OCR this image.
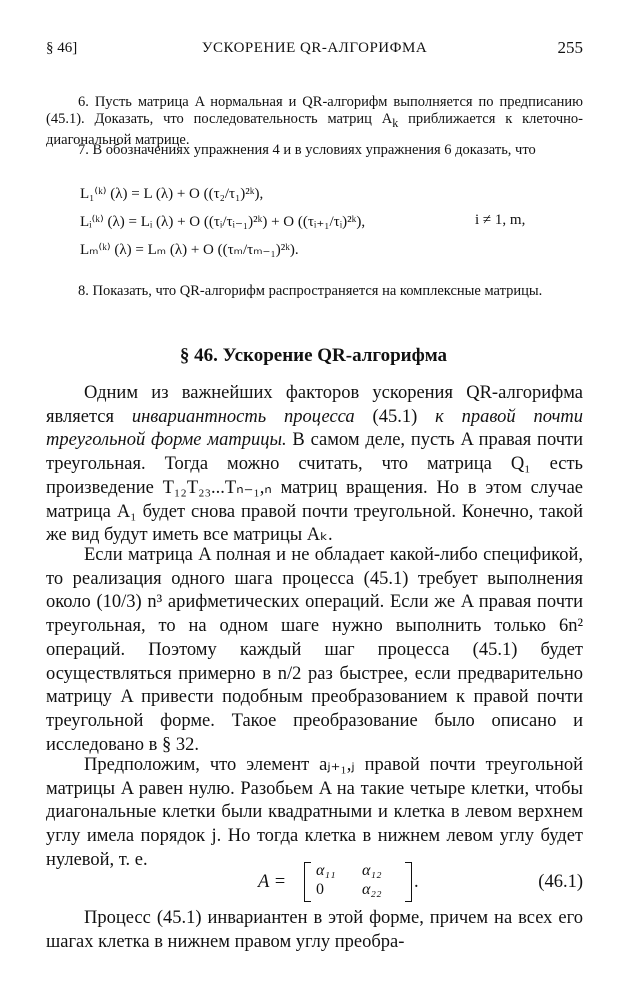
§ 46]	УСКОРЕНИЕ QR-АЛГОРИФМА	255
6. Пусть матрица A нормальная и QR-алгорифм выполняется по предписанию (45.1). Доказать, что последовательность матриц $A_k$ приближается к клеточно-диагональной матрице.
7. В обозначениях упражнения 4 и в условиях упражнения 6 доказать, что
L₁⁽ᵏ⁾ (λ) = L (λ) + O ((τ₂/τ₁)²ᵏ),
Lᵢ⁽ᵏ⁾ (λ) = Lᵢ (λ) + O ((τᵢ/τᵢ₋₁)²ᵏ) + O ((τᵢ₊₁/τᵢ)²ᵏ),	i ≠ 1, m,
Lₘ⁽ᵏ⁾ (λ) = Lₘ (λ) + O ((τₘ/τₘ₋₁)²ᵏ).
8. Показать, что QR-алгорифм распространяется на комплексные матрицы.
§ 46. Ускорение QR-алгорифма
Одним из важнейших факторов ускорения QR-алгорифма является инвариантность процесса (45.1) к правой почти треугольной форме матрицы. В самом деле, пусть A правая почти треугольная. Тогда можно считать, что матрица Q₁ есть произведение T₁₂T₂₃...Tₙ₋₁,ₙ матриц вращения. Но в этом случае матрица A₁ будет снова правой почти треугольной. Конечно, такой же вид будут иметь все матрицы Aₖ.
Если матрица A полная и не обладает какой-либо спецификой, то реализация одного шага процесса (45.1) требует выполнения около (10/3) n³ арифметических операций. Если же A правая почти треугольная, то на одном шаге нужно выполнить только 6n² операций. Поэтому каждый шаг процесса (45.1) будет осуществляться примерно в n/2 раз быстрее, если предварительно матрицу A привести подобным преобразованием к правой почти треугольной форме. Такое преобразование было описано и исследовано в § 32.
Предположим, что элемент aⱼ₊₁,ⱼ правой почти треугольной матрицы A равен нулю. Разобьем A на такие четыре клетки, чтобы диагональные клетки были квадратными и клетка в левом верхнем углу имела порядок j. Но тогда клетка в нижнем левом углу будет нулевой, т. е.
A =
α₁₁ α₁₂
0 α₂₂ .	(46.1)
Процесс (45.1) инвариантен в этой форме, причем на всех его шагах клетка в нижнем правом углу преобра-
